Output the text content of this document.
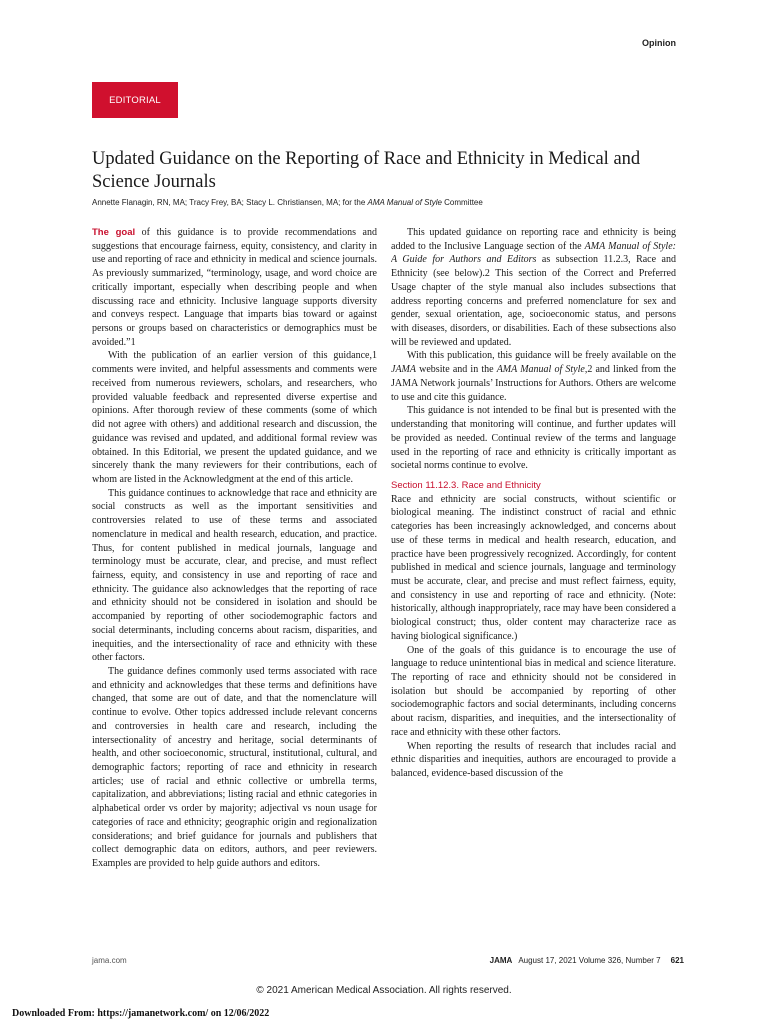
Opinion
EDITORIAL
Updated Guidance on the Reporting of Race and Ethnicity in Medical and Science Journals
Annette Flanagin, RN, MA; Tracy Frey, BA; Stacy L. Christiansen, MA; for the AMA Manual of Style Committee

The goal of this guidance is to provide recommendations and suggestions that encourage fairness, equity, consistency, and clarity in use and reporting of race and ethnicity in medical and science journals. As previously summarized, “terminology, usage, and word choice are critically important, especially when describing people and when discussing race and ethnicity. Inclusive language supports diversity and conveys respect. Language that imparts bias toward or against persons or groups based on characteristics or demographics must be avoided.”1

With the publication of an earlier version of this guidance,1 comments were invited, and helpful assessments and comments were received from numerous reviewers, scholars, and researchers, who provided valuable feedback and represented diverse expertise and opinions. After thorough review of these comments (some of which did not agree with others) and additional research and discussion, the guidance was revised and updated, and additional formal review was obtained. In this Editorial, we present the updated guidance, and we sincerely thank the many reviewers for their contributions, each of whom are listed in the Acknowledgment at the end of this article.

This guidance continues to acknowledge that race and ethnicity are social constructs as well as the important sensitivities and controversies related to use of these terms and associated nomenclature in medical and health research, education, and practice. Thus, for content published in medical journals, language and terminology must be accurate, clear, and precise, and must reflect fairness, equity, and consistency in use and reporting of race and ethnicity. The guidance also acknowledges that the reporting of race and ethnicity should not be considered in isolation and should be accompanied by reporting of other sociodemographic factors and social determinants, including concerns about racism, disparities, and inequities, and the intersectionality of race and ethnicity with these other factors.

The guidance defines commonly used terms associated with race and ethnicity and acknowledges that these terms and definitions have changed, that some are out of date, and that the nomenclature will continue to evolve. Other topics addressed include relevant concerns and controversies in health care and research, including the intersectionality of ancestry and heritage, social determinants of health, and other socioeconomic, structural, institutional, cultural, and demographic factors; reporting of race and ethnicity in research articles; use of racial and ethnic collective or umbrella terms, capitalization, and abbreviations; listing racial and ethnic categories in alphabetical order vs order by majority; adjectival vs noun usage for categories of race and ethnicity; geographic origin and regionalization considerations; and brief guidance for journals and publishers that collect demographic data on editors, authors, and peer reviewers. Examples are provided to help guide authors and editors.

This updated guidance on reporting race and ethnicity is being added to the Inclusive Language section of the AMA Manual of Style: A Guide for Authors and Editors as subsection 11.2.3, Race and Ethnicity (see below).2 This section of the Correct and Preferred Usage chapter of the style manual also includes subsections that address reporting concerns and preferred nomenclature for sex and gender, sexual orientation, age, socioeconomic status, and persons with diseases, disorders, or disabilities. Each of these subsections also will be reviewed and updated.

With this publication, this guidance will be freely available on the JAMA website and in the AMA Manual of Style,2 and linked from the JAMA Network journals’ Instructions for Authors. Others are welcome to use and cite this guidance.

This guidance is not intended to be final but is presented with the understanding that monitoring will continue, and further updates will be provided as needed. Continual review of the terms and language used in the reporting of race and ethnicity is critically important as societal norms continue to evolve.

Section 11.12.3. Race and Ethnicity

Race and ethnicity are social constructs, without scientific or biological meaning. The indistinct construct of racial and ethnic categories has been increasingly acknowledged, and concerns about use of these terms in medical and health research, education, and practice have been progressively recognized. Accordingly, for content published in medical and science journals, language and terminology must be accurate, clear, and precise and must reflect fairness, equity, and consistency in use and reporting of race and ethnicity. (Note: historically, although inappropriately, race may have been considered a biological construct; thus, older content may characterize race as having biological significance.)

One of the goals of this guidance is to encourage the use of language to reduce unintentional bias in medical and science literature. The reporting of race and ethnicity should not be considered in isolation but should be accompanied by reporting of other sociodemographic factors and social determinants, including concerns about racism, disparities, and inequities, and the intersectionality of race and ethnicity with these other factors.

When reporting the results of research that includes racial and ethnic disparities and inequities, authors are encouraged to provide a balanced, evidence-based discussion of the

jama.com	JAMA August 17, 2021 Volume 326, Number 7 621
© 2021 American Medical Association. All rights reserved.
Downloaded From: https://jamanetwork.com/ on 12/06/2022
